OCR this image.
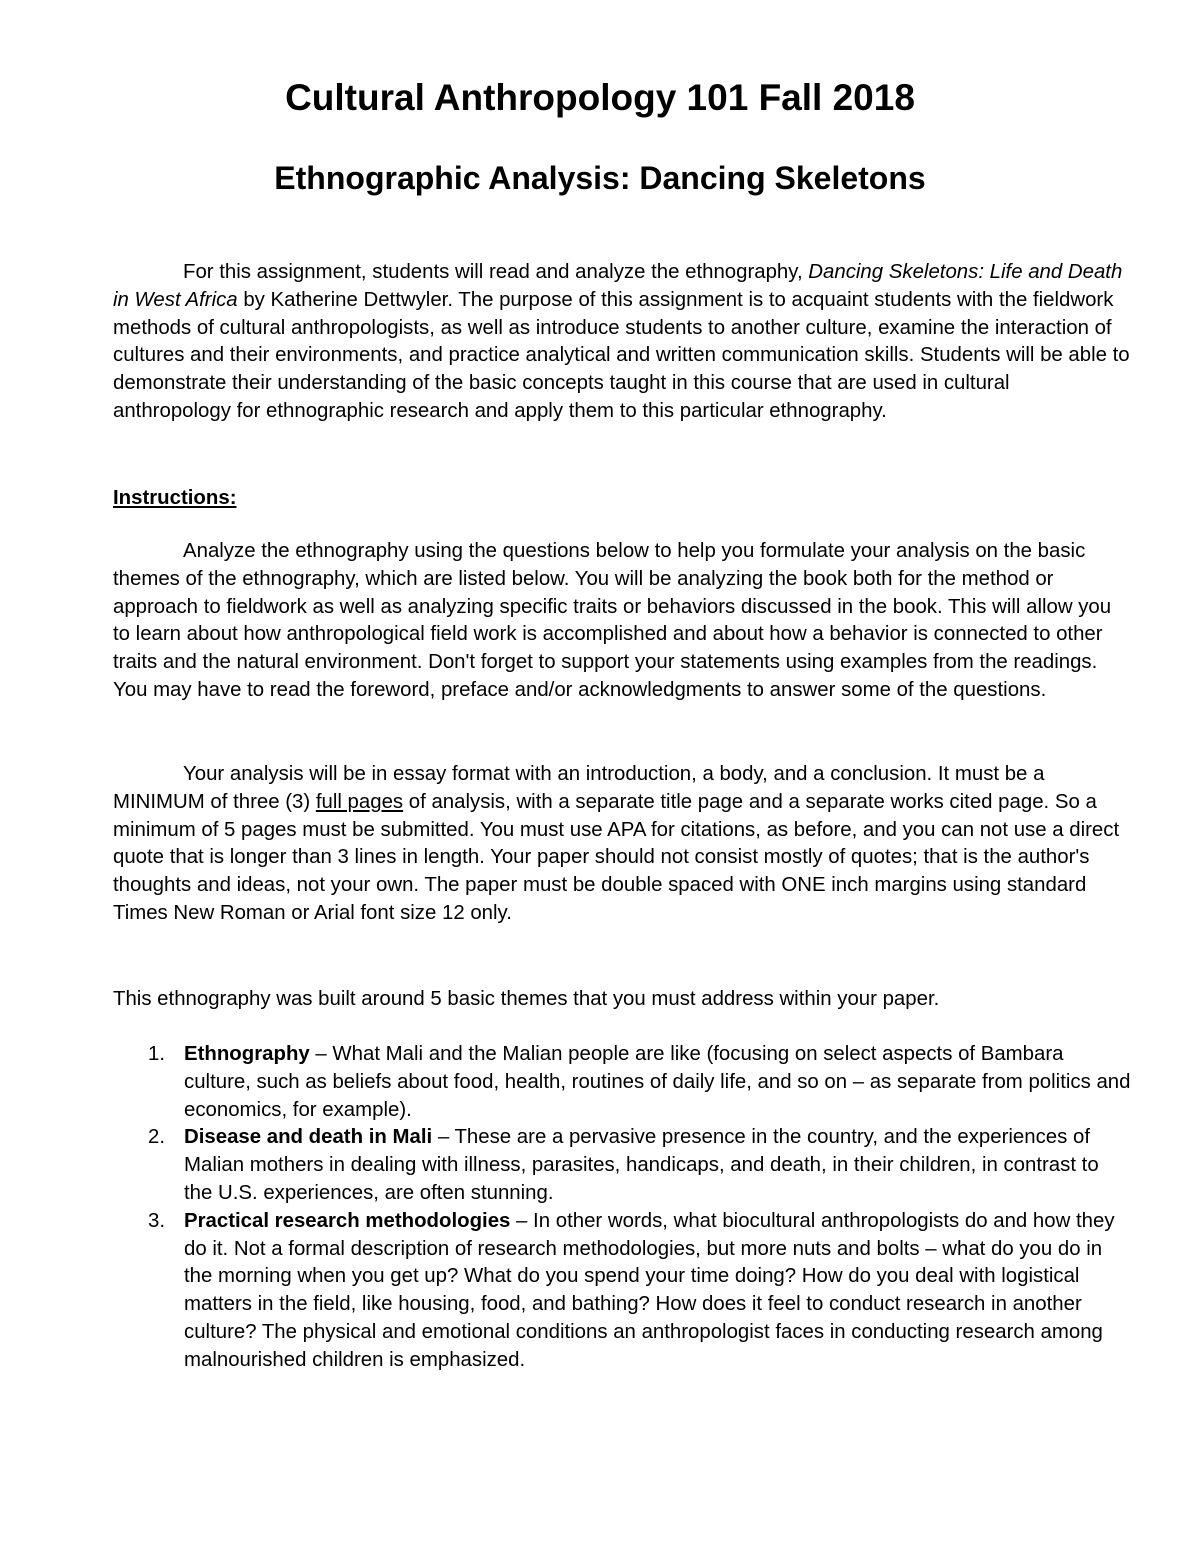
Cultural Anthropology 101 Fall 2018
Ethnographic Analysis: Dancing Skeletons

For this assignment, students will read and analyze the ethnography, Dancing Skeletons: Life and Death in West Africa by Katherine Dettwyler. The purpose of this assignment is to acquaint students with the fieldwork methods of cultural anthropologists, as well as introduce students to another culture, examine the interaction of cultures and their environments, and practice analytical and written communication skills. Students will be able to demonstrate their understanding of the basic concepts taught in this course that are used in cultural anthropology for ethnographic research and apply them to this particular ethnography.

Instructions:

Analyze the ethnography using the questions below to help you formulate your analysis on the basic themes of the ethnography, which are listed below. You will be analyzing the book both for the method or approach to fieldwork as well as analyzing specific traits or behaviors discussed in the book. This will allow you to learn about how anthropological field work is accomplished and about how a behavior is connected to other traits and the natural environment. Don't forget to support your statements using examples from the readings. You may have to read the foreword, preface and/or acknowledgments to answer some of the questions.

Your analysis will be in essay format with an introduction, a body, and a conclusion. It must be a MINIMUM of three (3) full pages of analysis, with a separate title page and a separate works cited page. So a minimum of 5 pages must be submitted. You must use APA for citations, as before, and you can not use a direct quote that is longer than 3 lines in length. Your paper should not consist mostly of quotes; that is the author's thoughts and ideas, not your own. The paper must be double spaced with ONE inch margins using standard Times New Roman or Arial font size 12 only.

This ethnography was built around 5 basic themes that you must address within your paper.

1. Ethnography – What Mali and the Malian people are like (focusing on select aspects of Bambara culture, such as beliefs about food, health, routines of daily life, and so on – as separate from politics and economics, for example).
2. Disease and death in Mali – These are a pervasive presence in the country, and the experiences of Malian mothers in dealing with illness, parasites, handicaps, and death, in their children, in contrast to the U.S. experiences, are often stunning.
3. Practical research methodologies – In other words, what biocultural anthropologists do and how they do it. Not a formal description of research methodologies, but more nuts and bolts – what do you do in the morning when you get up? What do you spend your time doing? How do you deal with logistical matters in the field, like housing, food, and bathing? How does it feel to conduct research in another culture? The physical and emotional conditions an anthropologist faces in conducting research among malnourished children is emphasized.
